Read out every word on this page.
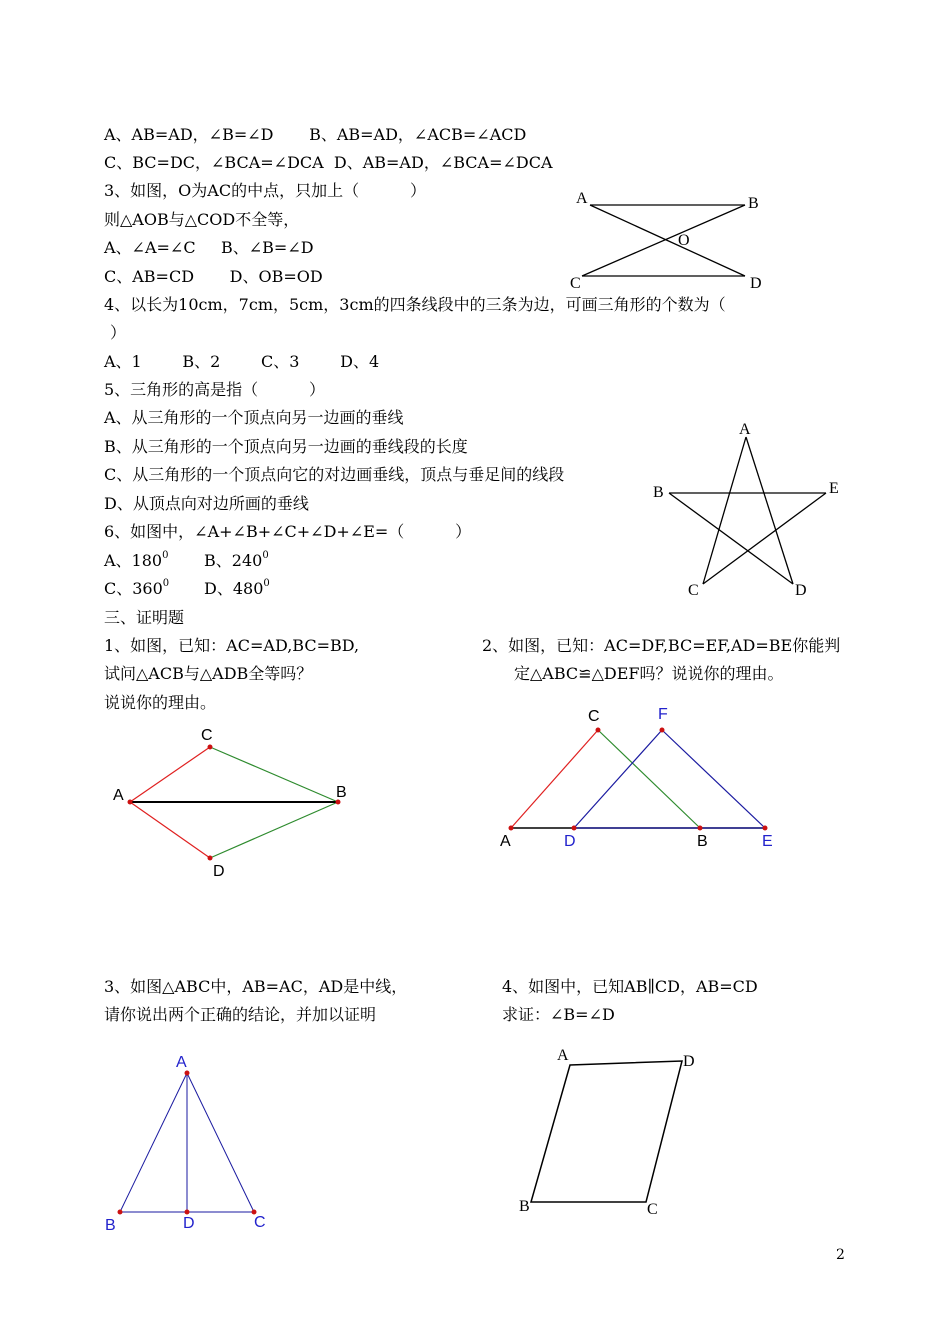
A、AB=AD，∠B=∠D       B、AB=AD，∠ACB=∠ACD
C、BC=DC，∠BCA=∠DCA  D、AB=AD，∠BCA=∠DCA
3、如图，O为AC的中点，只加上（          ）
则△AOB与△COD不全等，
A、∠A=∠C     B、∠B=∠D
C、AB=CD       D、OB=OD
4、以长为10cm，7cm，5cm，3cm的四条线段中的三条为边，可画三角形的个数为（
）
A、1        B、2        C、3        D、4
5、三角形的高是指（          ）
A、从三角形的一个顶点向另一边画的垂线
B、从三角形的一个顶点向另一边画的垂线段的长度
C、从三角形的一个顶点向它的对边画垂线，顶点与垂足间的线段
D、从顶点向对边所画的垂线
6、如图中，∠A+∠B+∠C+∠D+∠E=（          ）
A、$180^0$ B、$240^0$
C、$360^0$ D、$480^0$
三、证明题
1、如图，已知：AC=AD,BC=BD,
试问△ACB与△ADB全等吗？
说说你的理由。
2、如图，已知：AC=DF,BC=EF,AD=BE你能判
定△ABC≌△DEF吗？说说你的理由。
3、如图△ABC中，AB=AC，AD是中线，
请你说出两个正确的结论，并加以证明
4、如图中，已知AB∥CD，AB=CD
求证：∠B=∠D
A	B
O
C	D
A
B	E
C	D
C
A	B
D
C	F
A	D	B	E
A
B	D	C
A	D
B	C
2
